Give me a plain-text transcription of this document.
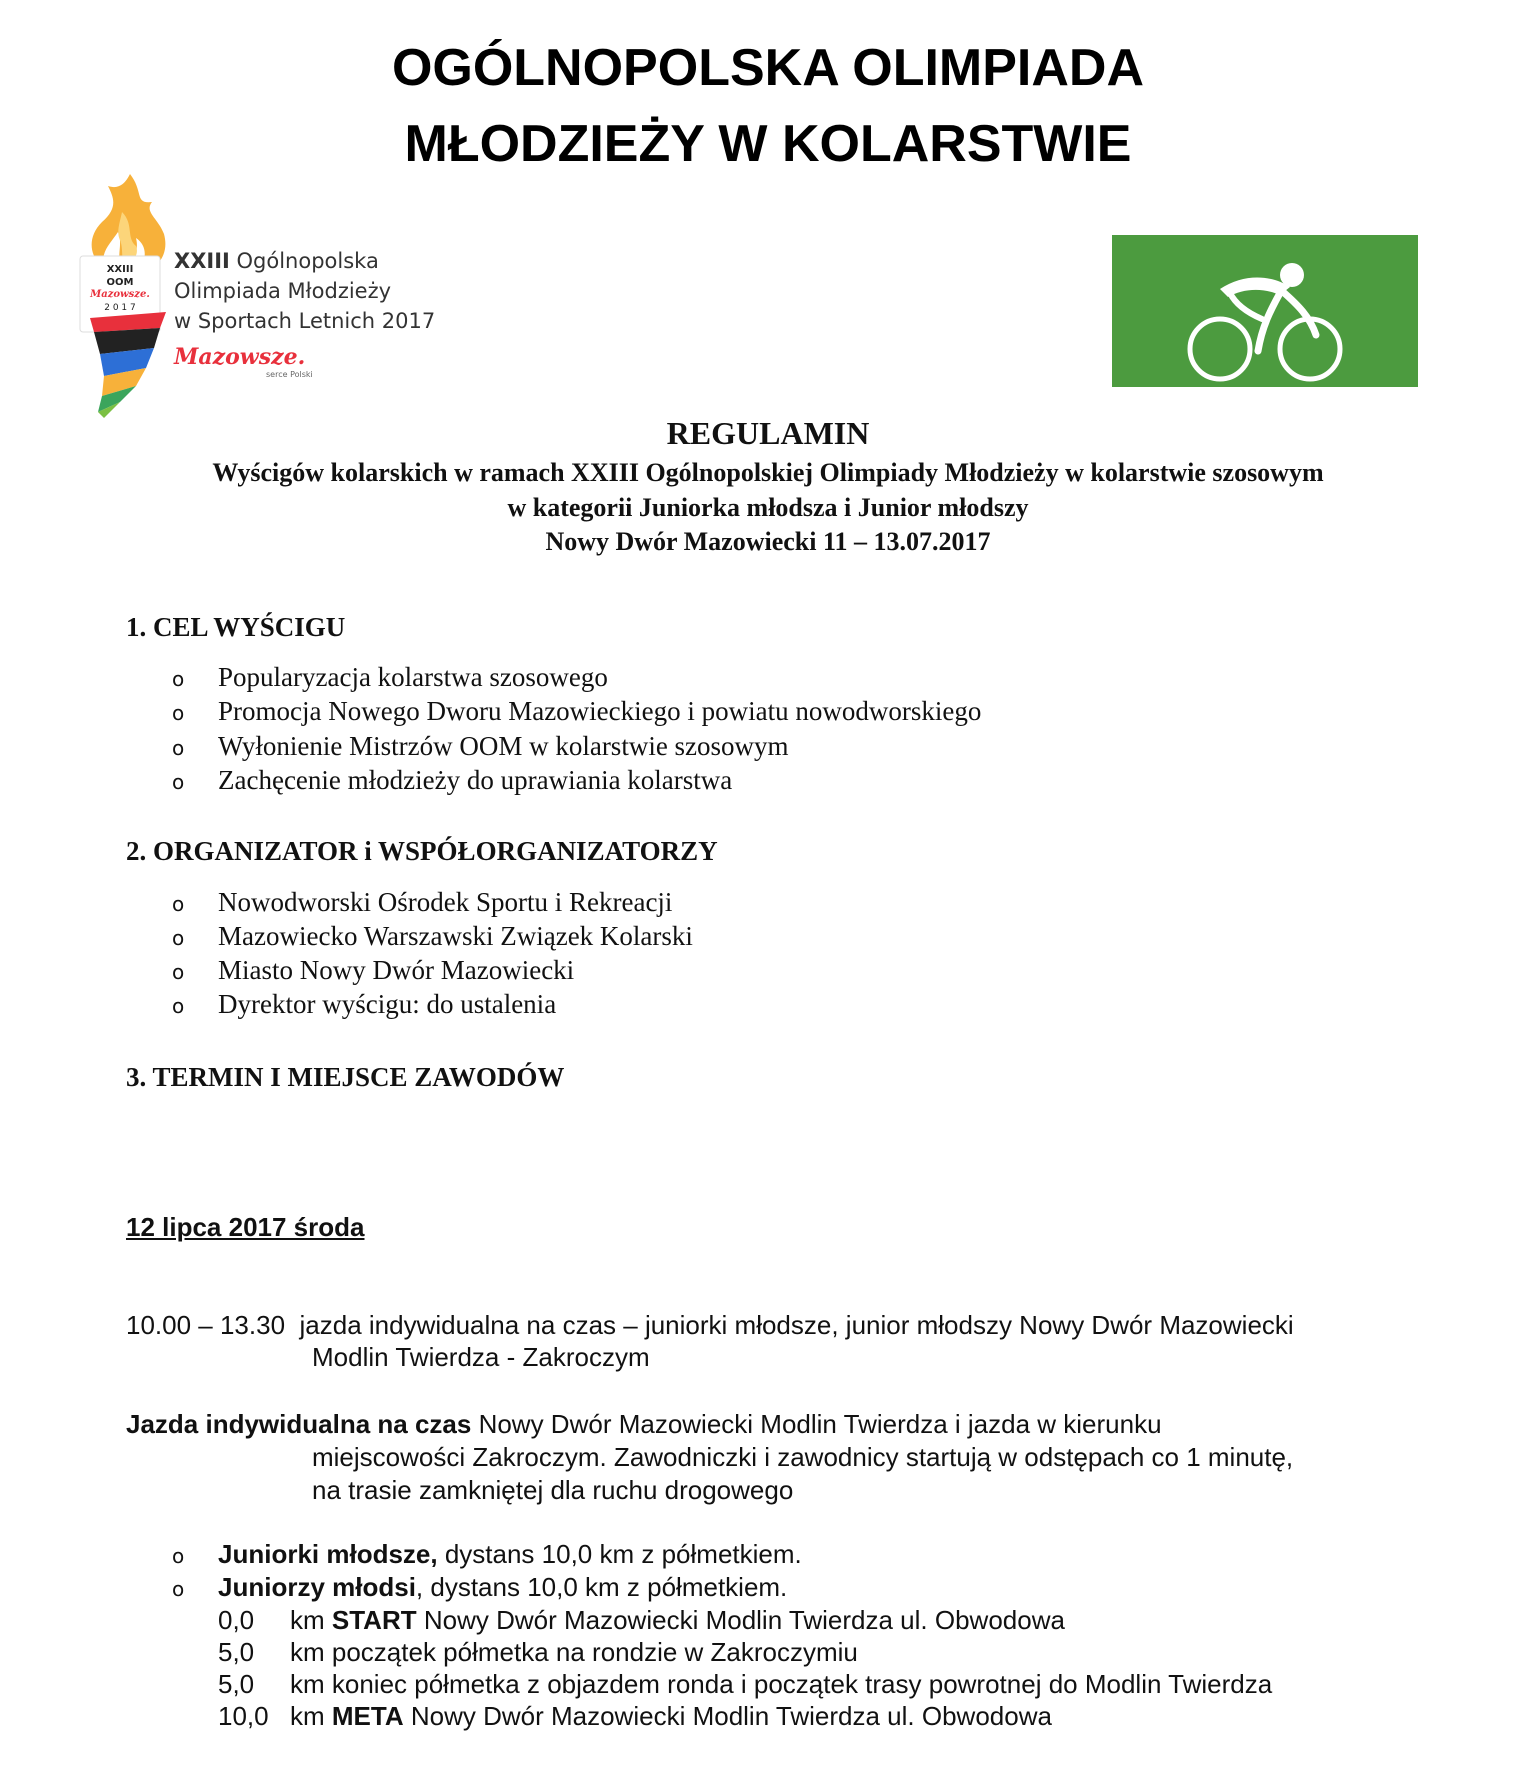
OGÓLNOPOLSKA OLIMPIADA
MŁODZIEŻY W KOLARSTWIE
XXIII
OOM
Mazowsze.
2 0 1 7
XXIII Ogólnopolska
Olimpiada Młodzieży
w Sportach Letnich 2017
Mazowsze.
serce Polski
REGULAMIN
Wyścigów kolarskich w ramach XXIII Ogólnopolskiej Olimpiady Młodzieży w kolarstwie szosowym
w kategorii Juniorka młodsza i Junior młodszy
Nowy Dwór Mazowiecki 11 – 13.07.2017
1. CEL WYŚCIGU
o Popularyzacja kolarstwa szosowego
o Promocja Nowego Dworu Mazowieckiego i powiatu nowodworskiego
o Wyłonienie Mistrzów OOM w kolarstwie szosowym
o Zachęcenie młodzieży do uprawiania kolarstwa
2. ORGANIZATOR i WSPÓŁORGANIZATORZY
o Nowodworski Ośrodek Sportu i Rekreacji
o Mazowiecko Warszawski Związek Kolarski
o Miasto Nowy Dwór Mazowiecki
o Dyrektor wyścigu: do ustalenia
3. TERMIN I MIEJSCE ZAWODÓW
12 lipca 2017 środa
10.00 – 13.30 jazda indywidualna na czas – juniorki młodsze, junior młodszy Nowy Dwór Mazowiecki
Modlin Twierdza - Zakroczym
Jazda indywidualna na czas Nowy Dwór Mazowiecki Modlin Twierdza i jazda w kierunku
miejscowości Zakroczym. Zawodniczki i zawodnicy startują w odstępach co 1 minutę,
na trasie zamkniętej dla ruchu drogowego
o Juniorki młodsze, dystans 10,0 km z półmetkiem.
o Juniorzy młodsi, dystans 10,0 km z półmetkiem.
0,0 km START Nowy Dwór Mazowiecki Modlin Twierdza ul. Obwodowa
5,0 km początek półmetka na rondzie w Zakroczymiu
5,0 km koniec półmetka z objazdem ronda i początek trasy powrotnej do Modlin Twierdza
10,0 km META Nowy Dwór Mazowiecki Modlin Twierdza ul. Obwodowa
